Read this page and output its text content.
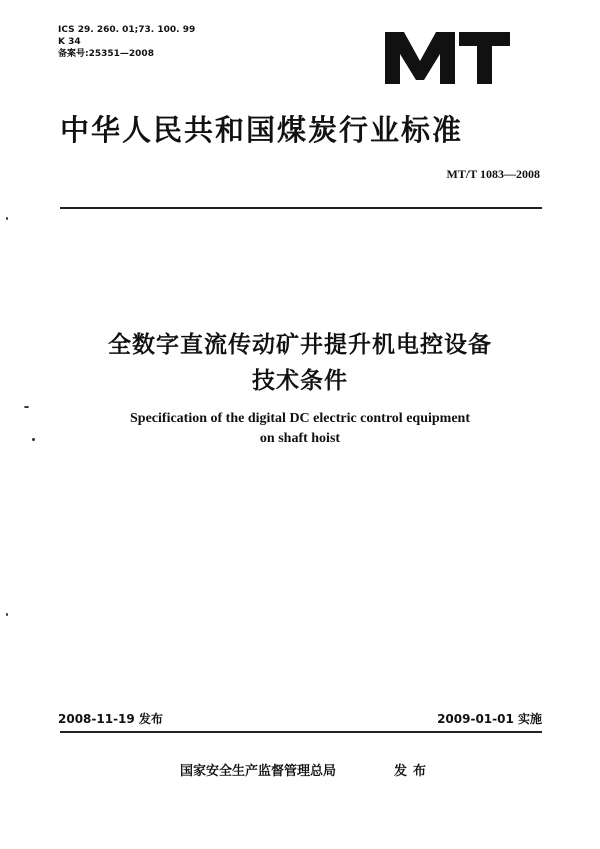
ICS 29. 260. 01;73. 100. 99
K 34
备案号:25351—2008
中华人民共和国煤炭行业标准
MT/T 1083—2008
全数字直流传动矿井提升机电控设备
技术条件
Specification of the digital DC electric control equipment
on shaft hoist
2008-11-19 发布	2009-01-01 实施
国家安全生产监督管理总局	发布
